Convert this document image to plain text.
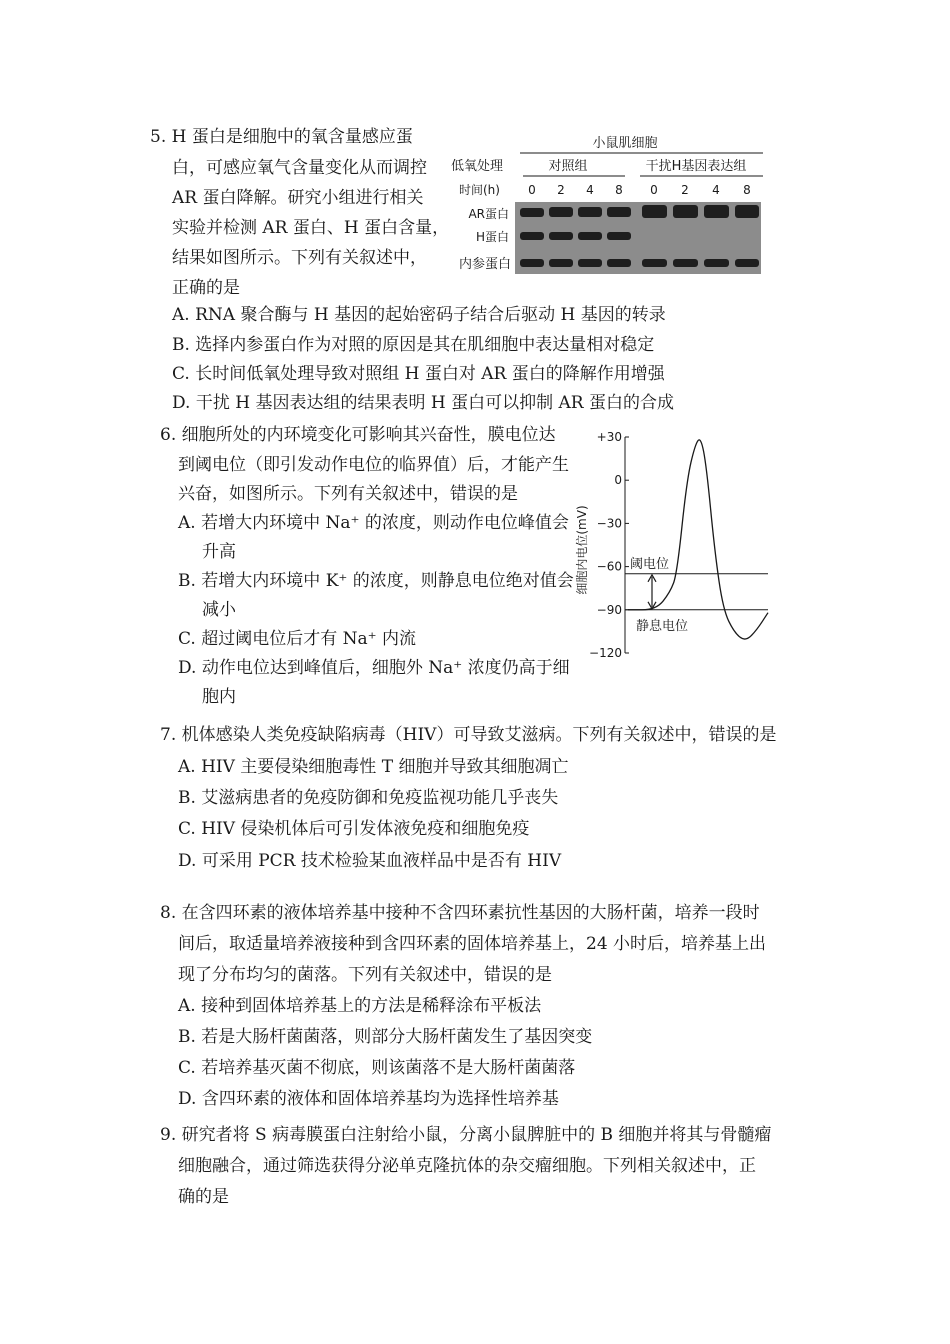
5. H 蛋白是细胞中的氧含量感应蛋
白，可感应氧气含量变化从而调控
AR 蛋白降解。研究小组进行相关
实验并检测 AR 蛋白、H 蛋白含量，
结果如图所示。下列有关叙述中，
正确的是
小鼠肌细胞
低氧处理	对照组	干扰H基因表达组
时间(h) 0 2 4 8 0 2 4 8
AR蛋白
H蛋白
内参蛋白
A. RNA 聚合酶与 H 基因的起始密码子结合后驱动 H 基因的转录
B. 选择内参蛋白作为对照的原因是其在肌细胞中表达量相对稳定
C. 长时间低氧处理导致对照组 H 蛋白对 AR 蛋白的降解作用增强
D. 干扰 H 基因表达组的结果表明 H 蛋白可以抑制 AR 蛋白的合成
6. 细胞所处的内环境变化可影响其兴奋性，膜电位达
到阈电位（即引发动作电位的临界值）后，才能产生
兴奋，如图所示。下列有关叙述中，错误的是
A. 若增大内环境中 Na⁺ 的浓度，则动作电位峰值会
升高
B. 若增大内环境中 K⁺ 的浓度，则静息电位绝对值会
减小
C. 超过阈电位后才有 Na⁺ 内流
D. 动作电位达到峰值后，细胞外 Na⁺ 浓度仍高于细
胞内
+30
0
−30
−60
−90
−120
细胞内电位(mV)	阈电位
静息电位
7. 机体感染人类免疫缺陷病毒（HIV）可导致艾滋病。下列有关叙述中，错误的是
A. HIV 主要侵染细胞毒性 T 细胞并导致其细胞凋亡
B. 艾滋病患者的免疫防御和免疫监视功能几乎丧失
C. HIV 侵染机体后可引发体液免疫和细胞免疫
D. 可采用 PCR 技术检验某血液样品中是否有 HIV
8. 在含四环素的液体培养基中接种不含四环素抗性基因的大肠杆菌，培养一段时
间后，取适量培养液接种到含四环素的固体培养基上，24 小时后，培养基上出
现了分布均匀的菌落。下列有关叙述中，错误的是
A. 接种到固体培养基上的方法是稀释涂布平板法
B. 若是大肠杆菌菌落，则部分大肠杆菌发生了基因突变
C. 若培养基灭菌不彻底，则该菌落不是大肠杆菌菌落
D. 含四环素的液体和固体培养基均为选择性培养基
9. 研究者将 S 病毒膜蛋白注射给小鼠，分离小鼠脾脏中的 B 细胞并将其与骨髓瘤
细胞融合，通过筛选获得分泌单克隆抗体的杂交瘤细胞。下列相关叙述中，正
确的是
